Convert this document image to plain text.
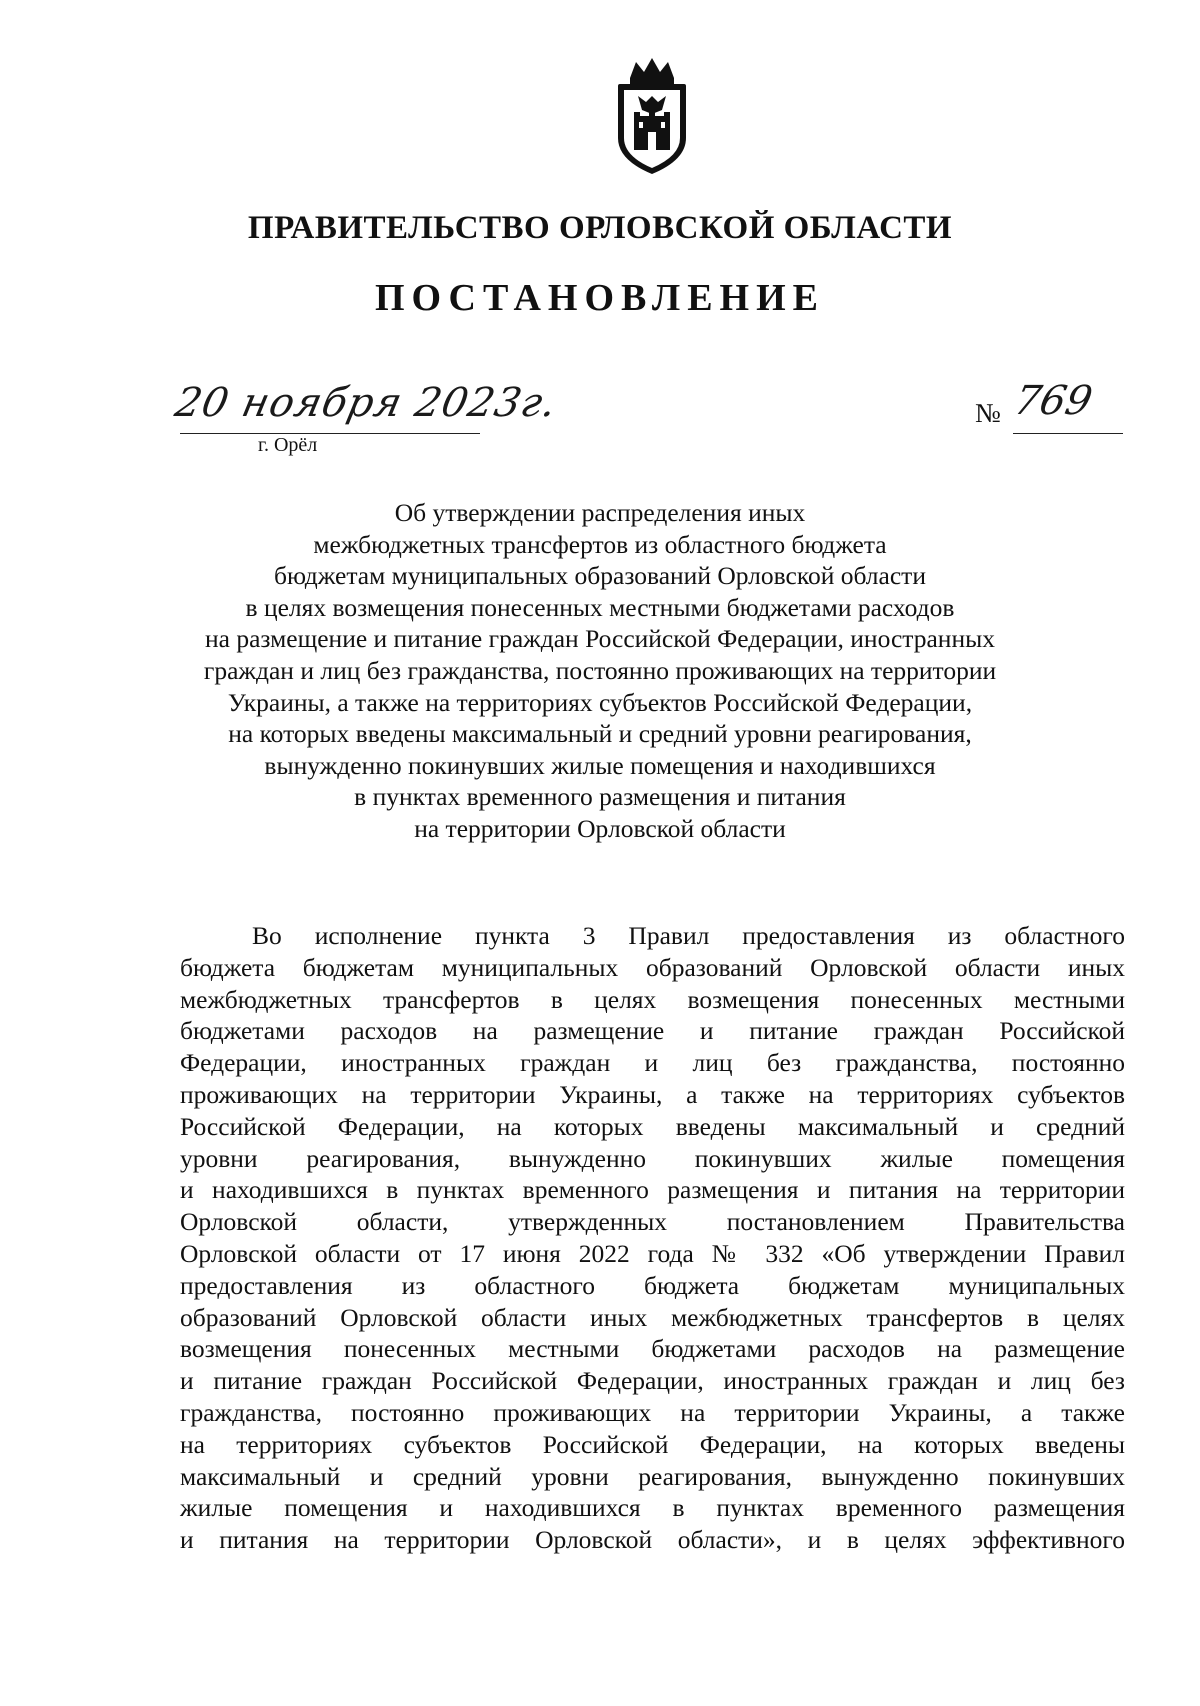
ПРАВИТЕЛЬСТВО ОРЛОВСКОЙ ОБЛАСТИ
ПОСТАНОВЛЕНИЕ
20 ноября 2023г.
г. Орёл
№ 769
Об утверждении распределения иных
межбюджетных трансфертов из областного бюджета
бюджетам муниципальных образований Орловской области
в целях возмещения понесенных местными бюджетами расходов
на размещение и питание граждан Российской Федерации, иностранных
граждан и лиц без гражданства, постоянно проживающих на территории
Украины, а также на территориях субъектов Российской Федерации,
на которых введены максимальный и средний уровни реагирования,
вынужденно покинувших жилые помещения и находившихся
в пунктах временного размещения и питания
на территории Орловской области
Во исполнение пункта 3 Правил предоставления из областного
бюджета бюджетам муниципальных образований Орловской области иных
межбюджетных трансфертов в целях возмещения понесенных местными
бюджетами расходов на размещение и питание граждан Российской
Федерации, иностранных граждан и лиц без гражданства, постоянно
проживающих на территории Украины, а также на территориях субъектов
Российской Федерации, на которых введены максимальный и средний
уровни реагирования, вынужденно покинувших жилые помещения
и находившихся в пунктах временного размещения и питания на территории
Орловской области, утвержденных постановлением Правительства
Орловской области от 17 июня 2022 года № 332 «Об утверждении Правил
предоставления из областного бюджета бюджетам муниципальных
образований Орловской области иных межбюджетных трансфертов в целях
возмещения понесенных местными бюджетами расходов на размещение
и питание граждан Российской Федерации, иностранных граждан и лиц без
гражданства, постоянно проживающих на территории Украины, а также
на территориях субъектов Российской Федерации, на которых введены
максимальный и средний уровни реагирования, вынужденно покинувших
жилые помещения и находившихся в пунктах временного размещения
и питания на территории Орловской области», и в целях эффективного
